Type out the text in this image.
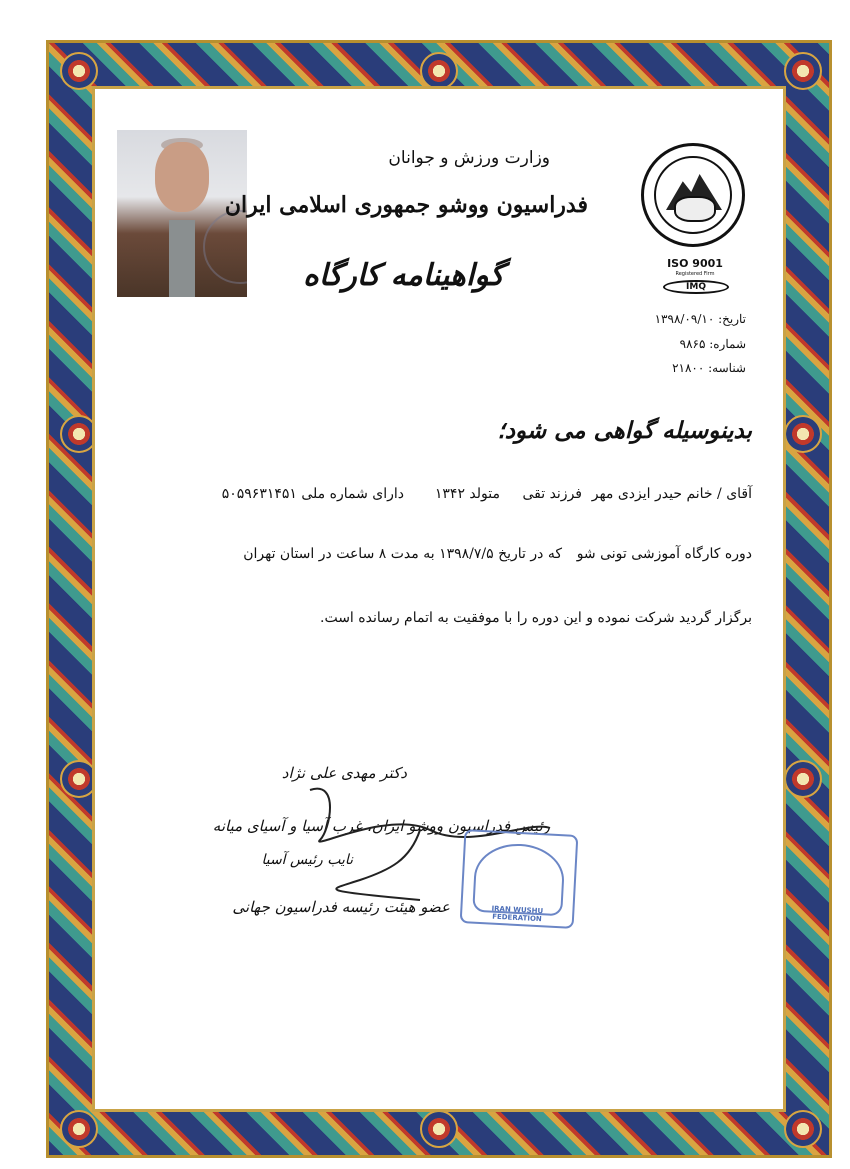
ISO 9001
Registered Firm
IMQ
وزارت ورزش و جوانان
فدراسیون ووشو جمهوری اسلامی ایران
گواهینامه کارگاه
تاریخ: ۱۳۹۸/۰۹/۱۰
شماره: ۹۸۶۵
شناسه: ۲۱۸۰۰
بدینوسیله گواهی می شود؛
آقای / خانم حیدر ایزدی مهر
فرزند تقی
متولد ۱۳۴۲
دارای شماره ملی ۵۰۵۹۶۳۱۴۵۱
دوره کارگاه آموزشی تونی شو
که در تاریخ ۱۳۹۸/۷/۵ به مدت ۸ ساعت در استان تهران
برگزار گردید شرکت نموده و این دوره را با موفقیت به اتمام رسانده است.
دکتر مهدی علی نژاد
رئیس فدراسیون ووشو ایران، غرب آسیا و آسیای میانه
نایب رئیس آسیا
عضو هیئت رئیسه فدراسیون جهانی	IRAN WUSHU FEDERATION
